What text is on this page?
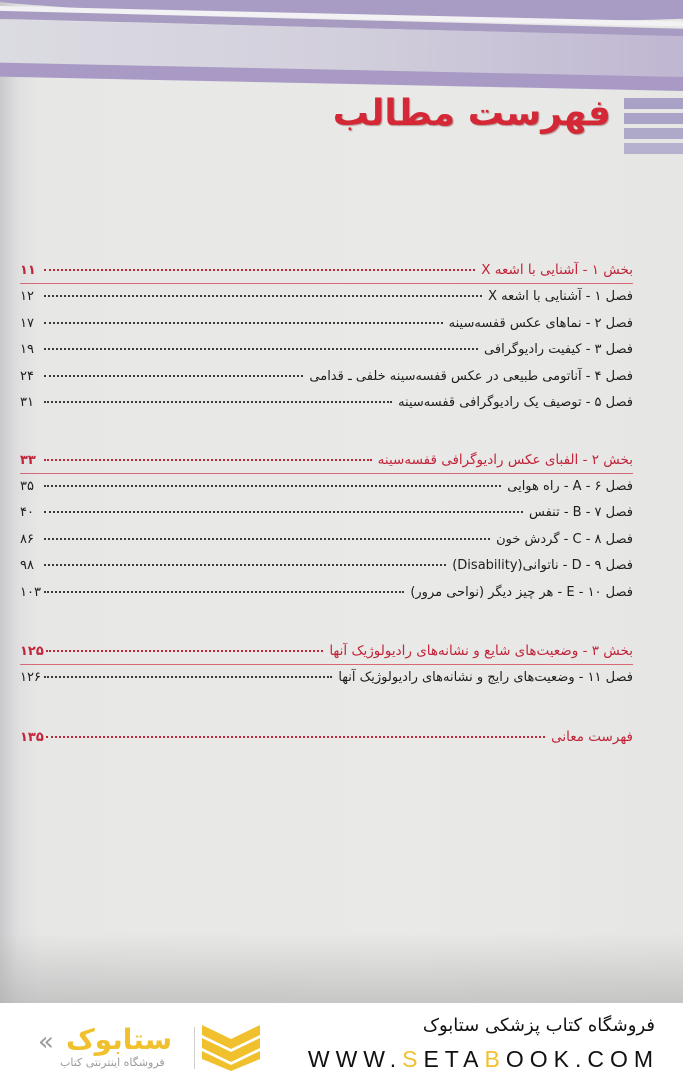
فهرست مطالب
بخش ۱ - آشنایی با اشعه X
۱۱
فصل ۱ - آشنایی با اشعه X
۱۲
فصل ۲ - نماهای عکس قفسه‌سینه
۱۷
فصل ۳ - کیفیت رادیوگرافی
۱۹
فصل ۴ - آناتومی طبیعی در عکس قفسه‌سینه خلفی ـ قدامی
۲۴
فصل ۵ - توصیف یک رادیوگرافی قفسه‌سینه
۳۱
بخش ۲ - الفبای عکس رادیوگرافی قفسه‌سینه
۳۳
فصل ۶ - A - راه هوایی
۳۵
فصل ۷ - B - تنفس
۴۰
فصل ۸ - C - گردش خون
۸۶
فصل ۹ - D - ناتوانی(Disability)
۹۸
فصل ۱۰ - E - هر چیز دیگر (نواحی مرور)
۱۰۳
بخش ۳ - وضعیت‌های شایع و نشانه‌های رادیولوژیک آنها
۱۲۵
فصل ۱۱ - وضعیت‌های رایج و نشانه‌های رادیولوژیک آنها
۱۲۶
فهرست معانی
۱۳۵
« ستابوک
فروشگاه اینترنتی کتاب
فروشگاه کتاب پزشکی ستابوک
WWW.SETABOOK.COM
